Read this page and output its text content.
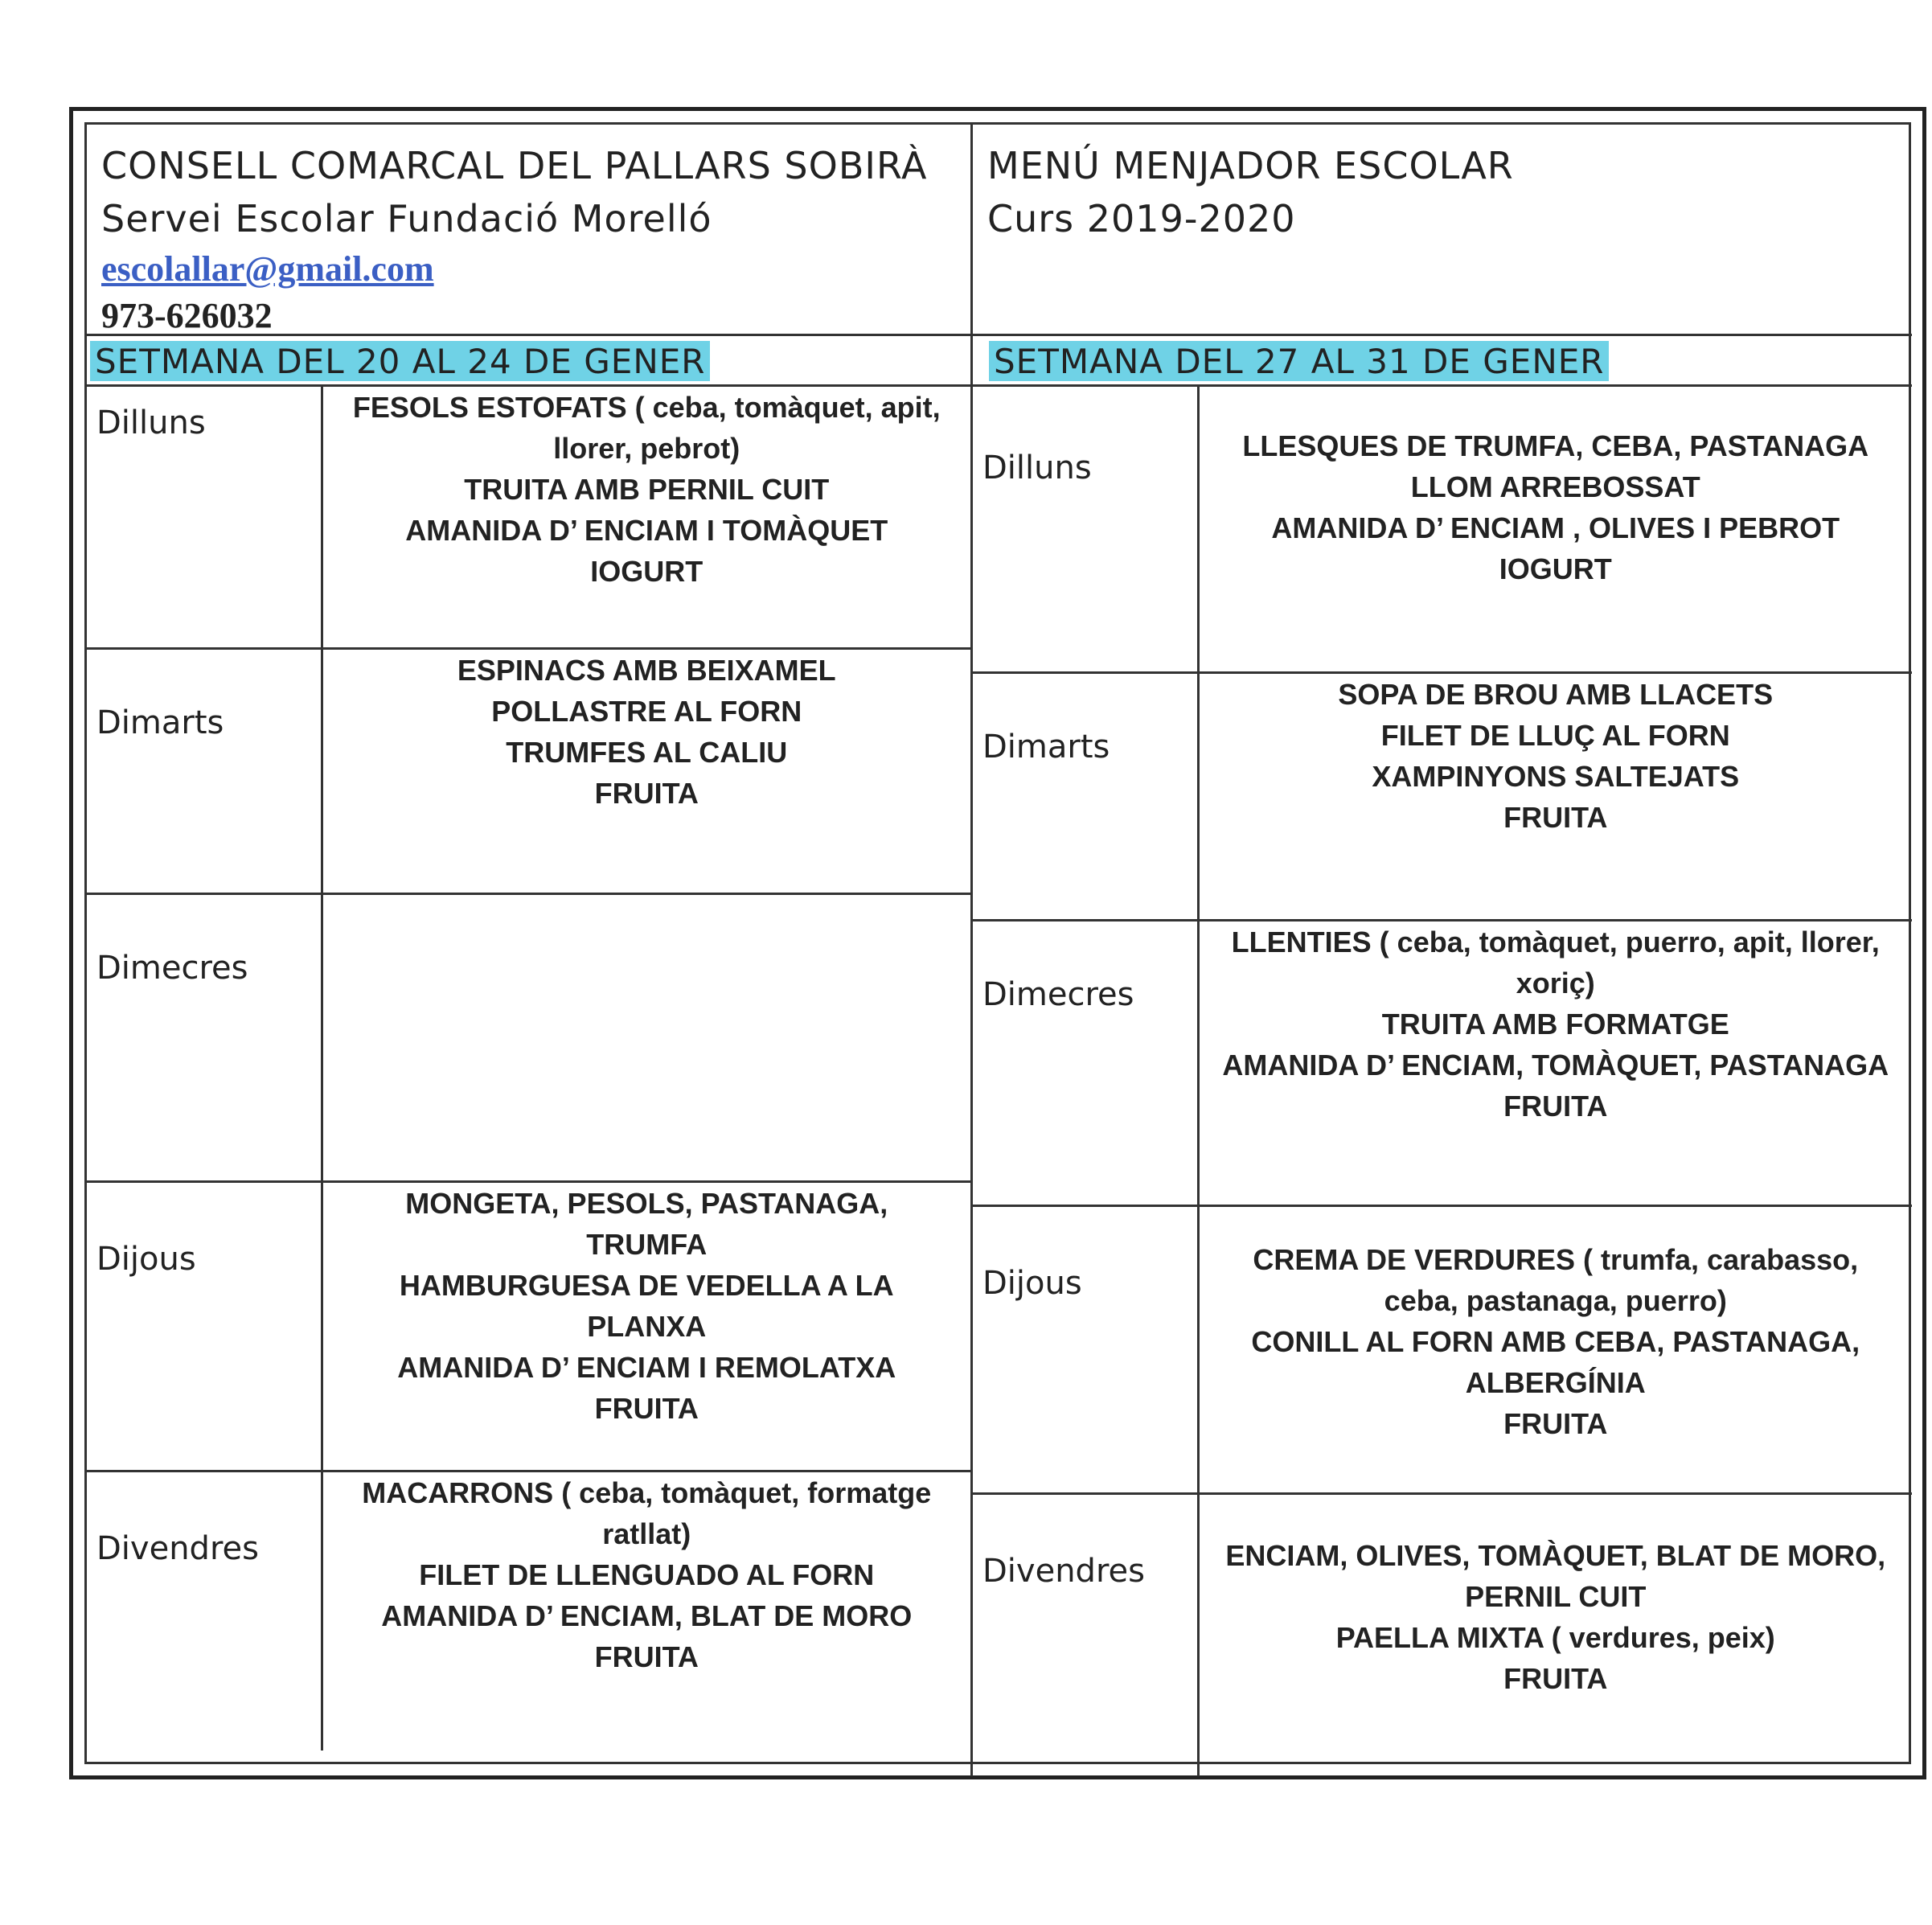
CONSELL COMARCAL DEL PALLARS SOBIRÀ
Servei Escolar Fundació Morelló
escolallar@gmail.com
973-626032
SETMANA DEL 20 AL 24 DE GENER
Dilluns	FESOLS ESTOFATS ( ceba, tomàquet, apit, llorer, pebrot)
TRUITA AMB PERNIL CUIT
AMANIDA D’ ENCIAM I TOMÀQUET
IOGURT

Dimarts	ESPINACS AMB BEIXAMEL
POLLASTRE AL FORN
TRUMFES AL CALIU
FRUITA

Dimecres	
Dijous	MONGETA, PESOLS, PASTANAGA, TRUMFA
HAMBURGUESA DE VEDELLA A LA PLANXA
AMANIDA D’ ENCIAM I REMOLATXA
FRUITA

Divendres	MACARRONS ( ceba, tomàquet, formatge ratllat)
FILET DE LLENGUADO AL FORN
AMANIDA D’ ENCIAM, BLAT DE MORO
FRUITA
MENÚ MENJADOR ESCOLAR
Curs 2019-2020
SETMANA DEL 27 AL 31 DE GENER
Dilluns	LLESQUES DE TRUMFA, CEBA, PASTANAGA
LLOM ARREBOSSAT
AMANIDA D’ ENCIAM , OLIVES I PEBROT
IOGURT

Dimarts	SOPA DE BROU AMB LLACETS
FILET DE LLUÇ AL FORN
XAMPINYONS SALTEJATS
FRUITA

Dimecres	LLENTIES ( ceba, tomàquet, puerro, apit, llorer, xoriç)
TRUITA AMB FORMATGE
AMANIDA D’ ENCIAM, TOMÀQUET, PASTANAGA
FRUITA

Dijous	CREMA DE VERDURES ( trumfa, carabasso, ceba, pastanaga, puerro)
CONILL AL FORN AMB CEBA, PASTANAGA, ALBERGÍNIA
FRUITA

Divendres	ENCIAM, OLIVES, TOMÀQUET, BLAT DE MORO, PERNIL CUIT
PAELLA MIXTA ( verdures, peix)
FRUITA
